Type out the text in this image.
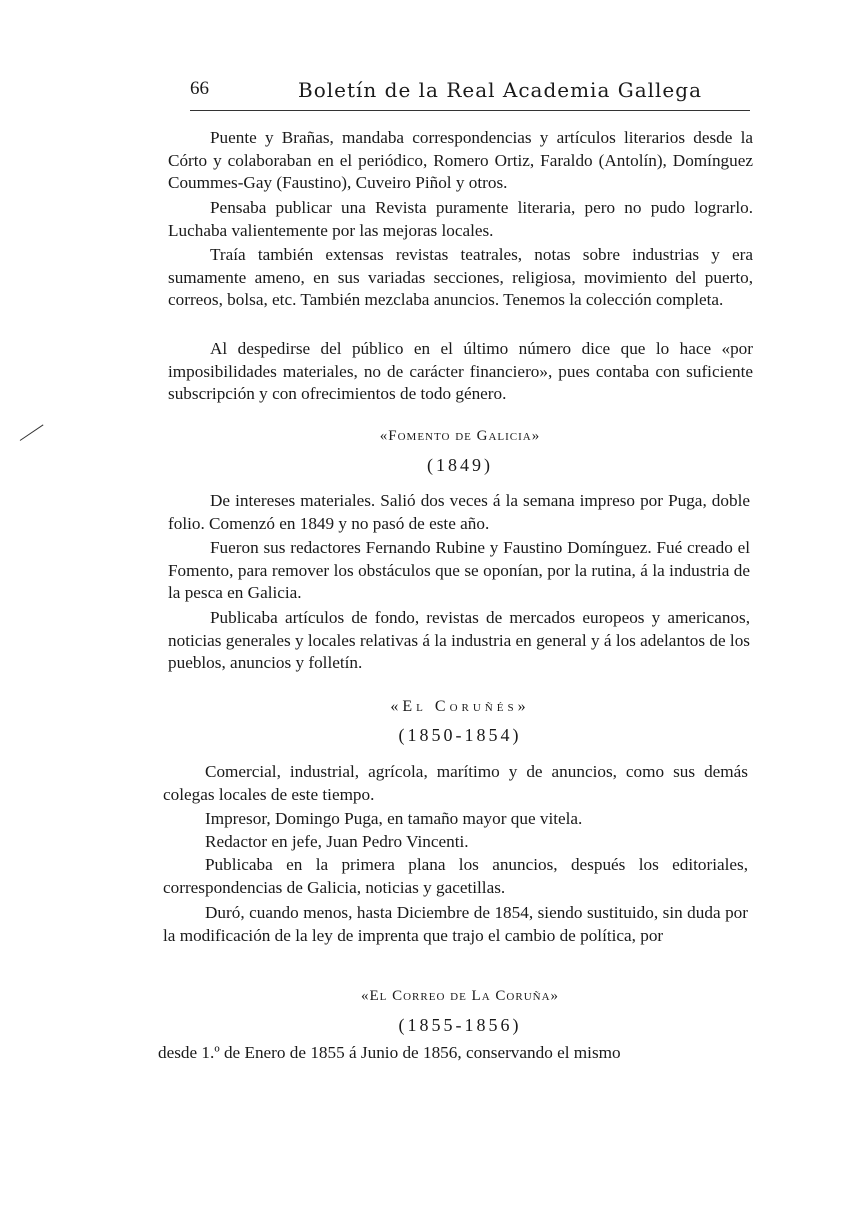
66	Boletín de la Real Academia Gallega

Puente y Brañas, mandaba correspondencias y artículos literarios desde la Córto y colaboraban en el periódico, Romero Ortiz, Faraldo (Antolín), Domínguez Coummes-Gay (Faustino), Cuveiro Piñol y otros.

Pensaba publicar una Revista puramente literaria, pero no pudo lograrlo. Luchaba valientemente por las mejoras locales.

Traía también extensas revistas teatrales, notas sobre industrias y era sumamente ameno, en sus variadas secciones, religiosa, movimiento del puerto, correos, bolsa, etc. También mezclaba anuncios. Tenemos la colección completa.

Al despedirse del público en el último número dice que lo hace «por imposibilidades materiales, no de carácter financiero», pues contaba con suficiente subscripción y con ofrecimientos de todo género.

«Fomento de Galicia»
(1849)

De intereses materiales. Salió dos veces á la semana impreso por Puga, doble folio. Comenzó en 1849 y no pasó de este año.

Fueron sus redactores Fernando Rubine y Faustino Domínguez. Fué creado el Fomento, para remover los obstáculos que se oponían, por la rutina, á la industria de la pesca en Galicia.

Publicaba artículos de fondo, revistas de mercados europeos y americanos, noticias generales y locales relativas á la industria en general y á los adelantos de los pueblos, anuncios y folletín.

«El Coruñés»
(1850-1854)

Comercial, industrial, agrícola, marítimo y de anuncios, como sus demás colegas locales de este tiempo.

Impresor, Domingo Puga, en tamaño mayor que vitela.

Redactor en jefe, Juan Pedro Vincenti.

Publicaba en la primera plana los anuncios, después los editoriales, correspondencias de Galicia, noticias y gacetillas.

Duró, cuando menos, hasta Diciembre de 1854, siendo sustituido, sin duda por la modificación de la ley de imprenta que trajo el cambio de política, por

«El Correo de La Coruña»
(1855-1856)

desde 1.º de Enero de 1855 á Junio de 1856, conservando el mismo
